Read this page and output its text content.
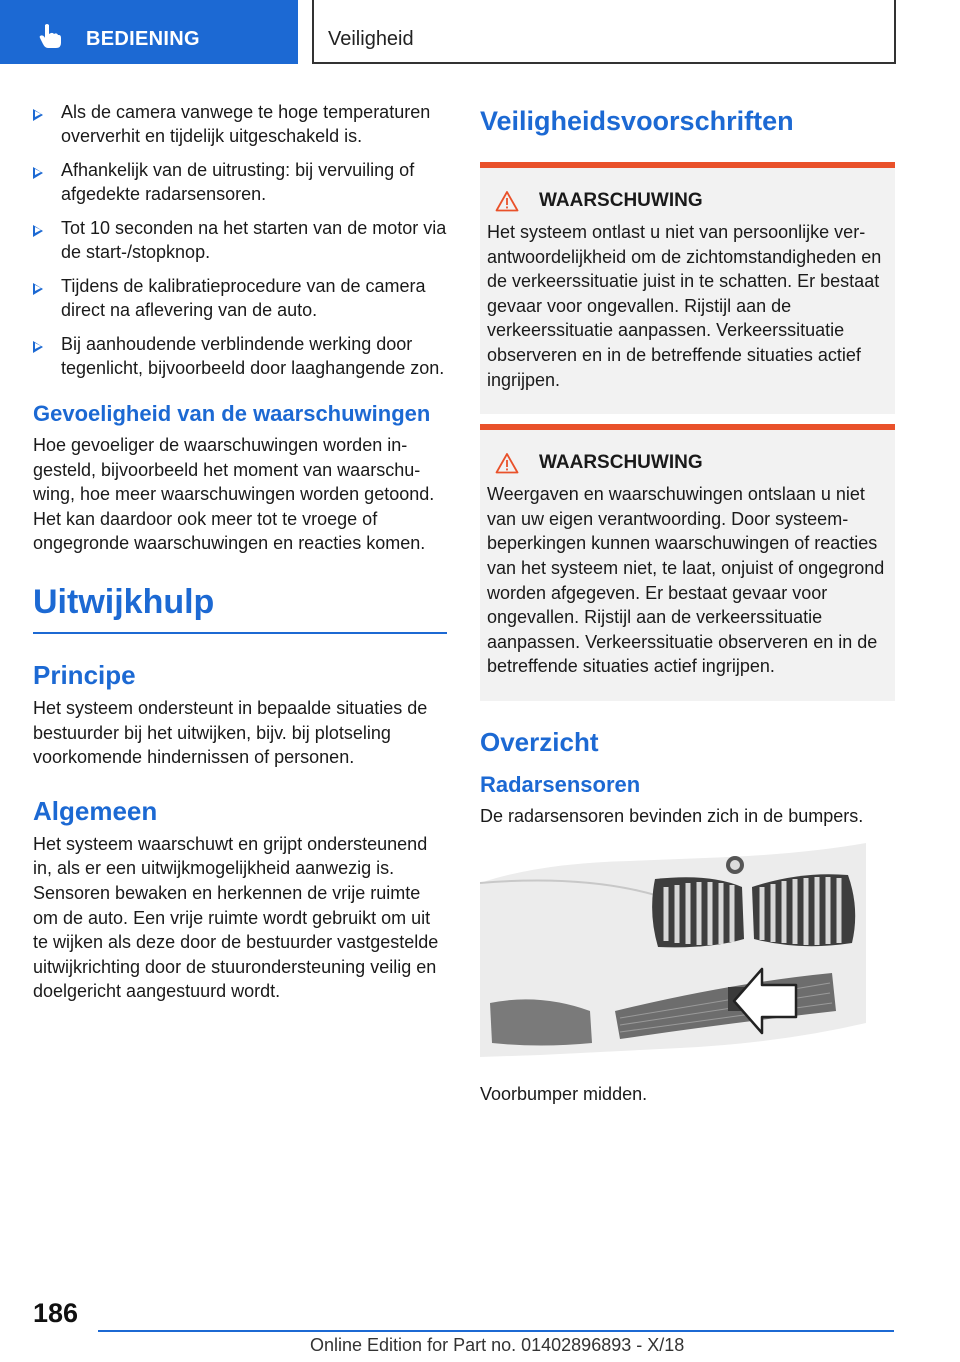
BEDIENING	Veiligheid
Als de camera vanwege te hoge temperaturen oververhit en tijdelijk uitgeschakeld is.
Afhankelijk van de uitrusting: bij vervuiling of afgedekte radarsensoren.
Tot 10 seconden na het starten van de motor via de start-/stopknop.
Tijdens de kalibratieprocedure van de camera direct na aflevering van de auto.
Bij aanhoudende verblindende werking door tegenlicht, bijvoorbeeld door laaghangende zon.
Gevoeligheid van de waarschuwingen

Hoe gevoeliger de waarschuwingen worden ingesteld, bijvoorbeeld het moment van waarschuwing, hoe meer waarschuwingen worden getoond. Het kan daardoor ook meer tot te vroege of ongegronde waarschuwingen en reacties komen.

Uitwijkhulp
Principe

Het systeem ondersteunt in bepaalde situaties de bestuurder bij het uitwijken, bijv. bij plotseling voorkomende hindernissen of personen.

Algemeen

Het systeem waarschuwt en grijpt ondersteunend in, als er een uitwijkmogelijkheid aanwezig is. Sensoren bewaken en herkennen de vrije ruimte om de auto. Een vrije ruimte wordt gebruikt om uit te wijken als deze door de bestuurder vastgestelde uitwijkrichting door de stuurondersteuning veilig en doelgericht aangestuurd wordt.

Veiligheidsvoorschriften
WAARSCHUWING

Het systeem ontlast u niet van persoonlijke verantwoordelijkheid om de zichtomstandigheden en de verkeerssituatie juist in te schatten. Er bestaat gevaar voor ongevallen. Rijstijl aan de verkeerssituatie aanpassen. Verkeerssituatie observeren en in de betreffende situaties actief ingrijpen.

WAARSCHUWING

Weergaven en waarschuwingen ontslaan u niet van uw eigen verantwoording. Door systeembeperkingen kunnen waarschuwingen of reacties van het systeem niet, te laat, onjuist of ongegrond worden afgegeven. Er bestaat gevaar voor ongevallen. Rijstijl aan de verkeerssituatie aanpassen. Verkeerssituatie observeren en in de betreffende situaties actief ingrijpen.

Overzicht
Radarsensoren

De radarsensoren bevinden zich in de bumpers.

Voorbumper midden.
186
Online Edition for Part no. 01402896893 - X/18
